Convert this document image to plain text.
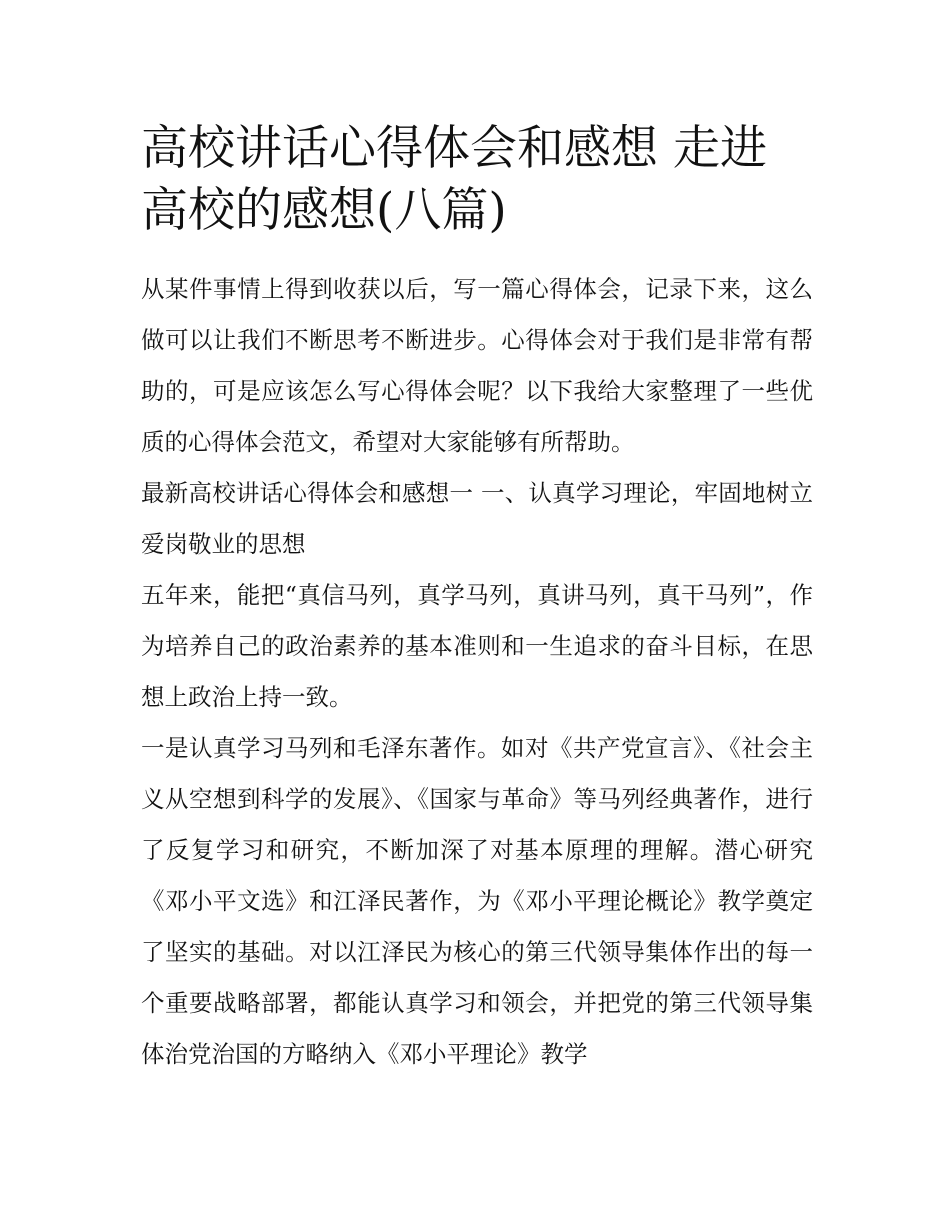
高校讲话心得体会和感想 走进高校的感想(八篇)

从某件事情上得到收获以后，写一篇心得体会，记录下来，这么做可以让我们不断思考不断进步。心得体会对于我们是非常有帮助的，可是应该怎么写心得体会呢？以下我给大家整理了一些优质的心得体会范文，希望对大家能够有所帮助。

最新高校讲话心得体会和感想一 一、认真学习理论，牢固地树立爱岗敬业的思想

五年来，能把“真信马列，真学马列，真讲马列，真干马列”，作为培养自己的政治素养的基本准则和一生追求的奋斗目标，在思想上政治上持一致。

一是认真学习马列和毛泽东著作。如对《共产党宣言》、《社会主义从空想到科学的发展》、《国家与革命》等马列经典著作，进行了反复学习和研究，不断加深了对基本原理的理解。潜心研究《邓小平文选》和江泽民著作，为《邓小平理论概论》教学奠定了坚实的基础。对以江泽民为核心的第三代领导集体作出的每一个重要战略部署，都能认真学习和领会，并把党的第三代领导集体治党治国的方略纳入《邓小平理论》教学
